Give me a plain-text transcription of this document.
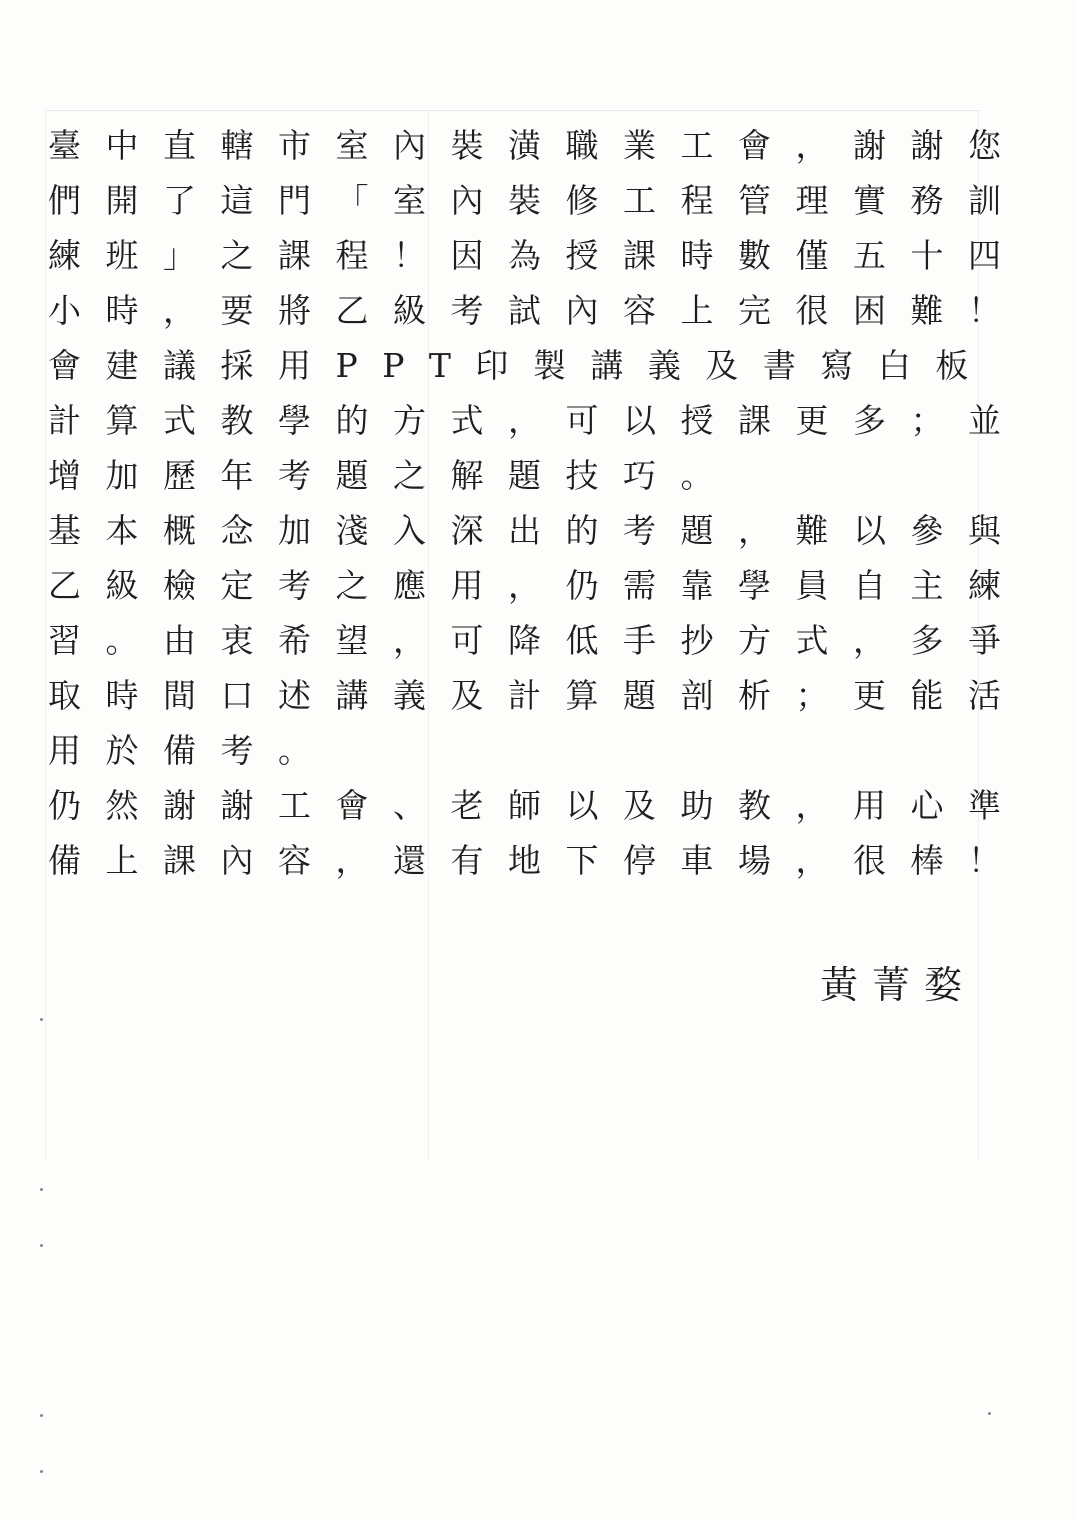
臺中直轄市室內裝潢職業工會，謝謝您
們開了這門「室內裝修工程管理實務訓
練班」之課程！因為授課時數僅五十四
小時，要將乙級考試內容上完很困難！
會建議採用PPT印製講義及書寫白板
計算式教學的方式，可以授課更多；並
增加歷年考題之解題技巧。
基本概念加淺入深出的考題，難以參與
乙級檢定考之應用，仍需靠學員自主練
習。由衷希望，可降低手抄方式，多爭
取時間口述講義及計算題剖析；更能活
用於備考。
仍然謝謝工會、老師以及助教，用心準
備上課內容，還有地下停車場，很棒！
黃菁婺
